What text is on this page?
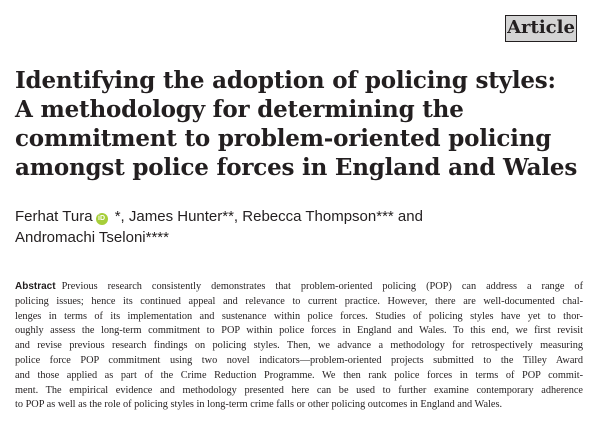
Article
Identifying the adoption of policing styles:
A methodology for determining the
commitment to problem-oriented policing
amongst police forces in England and Wales
Ferhat Tura iD *, James Hunter**, Rebecca Thompson*** and
Andromachi Tseloni****
Abstract Previous research consistently demonstrates that problem-oriented policing (POP) can address a range of
policing issues; hence its continued appeal and relevance to current practice. However, there are well-documented chal-
lenges in terms of its implementation and sustenance within police forces. Studies of policing styles have yet to thor-
oughly assess the long-term commitment to POP within police forces in England and Wales. To this end, we first revisit
and revise previous research findings on policing styles. Then, we advance a methodology for retrospectively measuring
police force POP commitment using two novel indicators—problem-oriented projects submitted to the Tilley Award
and those applied as part of the Crime Reduction Programme. We then rank police forces in terms of POP commit-
ment. The empirical evidence and methodology presented here can be used to further examine contemporary adherence
to POP as well as the role of policing styles in long-term crime falls or other policing outcomes in England and Wales.
